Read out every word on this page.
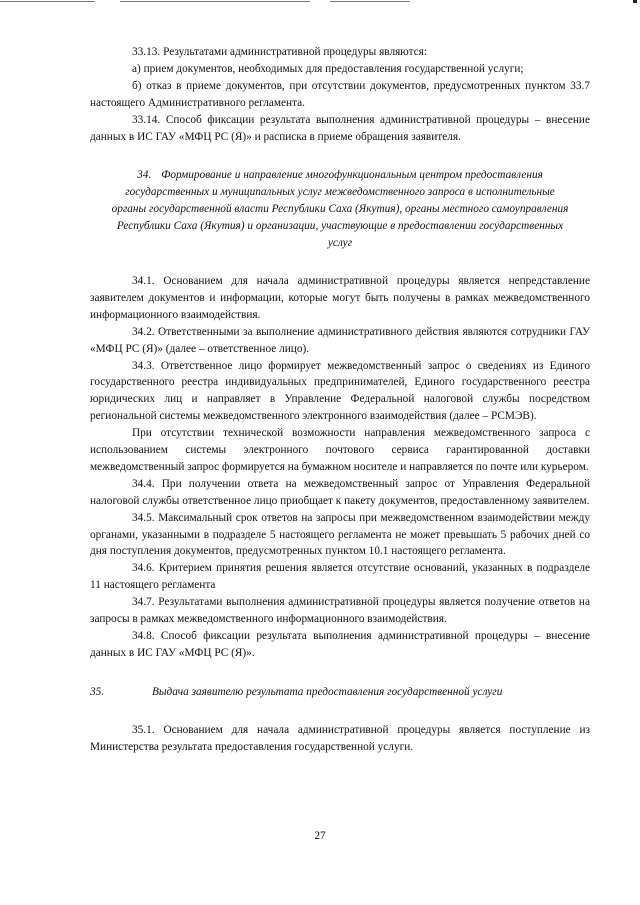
33.13. Результатами административной процедуры являются:

а) прием документов, необходимых для предоставления государственной услуги;

б) отказ в приеме документов, при отсутствии документов, предусмотренных пунктом 33.7 настоящего Административного регламента.

33.14. Способ фиксации результата выполнения административной процедуры – внесение данных в ИС ГАУ «МФЦ РС (Я)» и расписка в приеме обращения заявителя.

34. Формирование и направление многофункциональным центром предоставления государственных и муниципальных услуг межведомственного запроса в исполнительные органы государственной власти Республики Саха (Якутия), органы местного самоуправления Республики Саха (Якутия) и организации, участвующие в предоставлении государственных услуг

34.1. Основанием для начала административной процедуры является непредставление заявителем документов и информации, которые могут быть получены в рамках межведомственного информационного взаимодействия.

34.2. Ответственными за выполнение административного действия являются сотрудники ГАУ «МФЦ РС (Я)» (далее – ответственное лицо).

34.3. Ответственное лицо формирует межведомственный запрос о сведениях из Единого государственного реестра индивидуальных предпринимателей, Единого государственного реестра юридических лиц и направляет в Управление Федеральной налоговой службы посредством региональной системы межведомственного электронного взаимодействия (далее – РСМЭВ).

При отсутствии технической возможности направления межведомственного запроса с использованием системы электронного почтового сервиса гарантированной доставки межведомственный запрос формируется на бумажном носителе и направляется по почте или курьером.

34.4. При получении ответа на межведомственный запрос от Управления Федеральной налоговой службы ответственное лицо приобщает к пакету документов, предоставленному заявителем.

34.5. Максимальный срок ответов на запросы при межведомственном взаимодействии между органами, указанными в подразделе 5 настоящего регламента не может превышать 5 рабочих дней со дня поступления документов, предусмотренных пунктом 10.1 настоящего регламента.

34.6. Критерием принятия решения является отсутствие оснований, указанных в подразделе 11 настоящего регламента

34.7. Результатами выполнения административной процедуры является получение ответов на запросы в рамках межведомственного информационного взаимодействия.

34.8. Способ фиксации результата выполнения административной процедуры – внесение данных в ИС ГАУ «МФЦ РС (Я)».

35.	Выдача заявителю результата предоставления государственной услуги

35.1. Основанием для начала административной процедуры является поступление из Министерства результата предоставления государственной услуги.

27
